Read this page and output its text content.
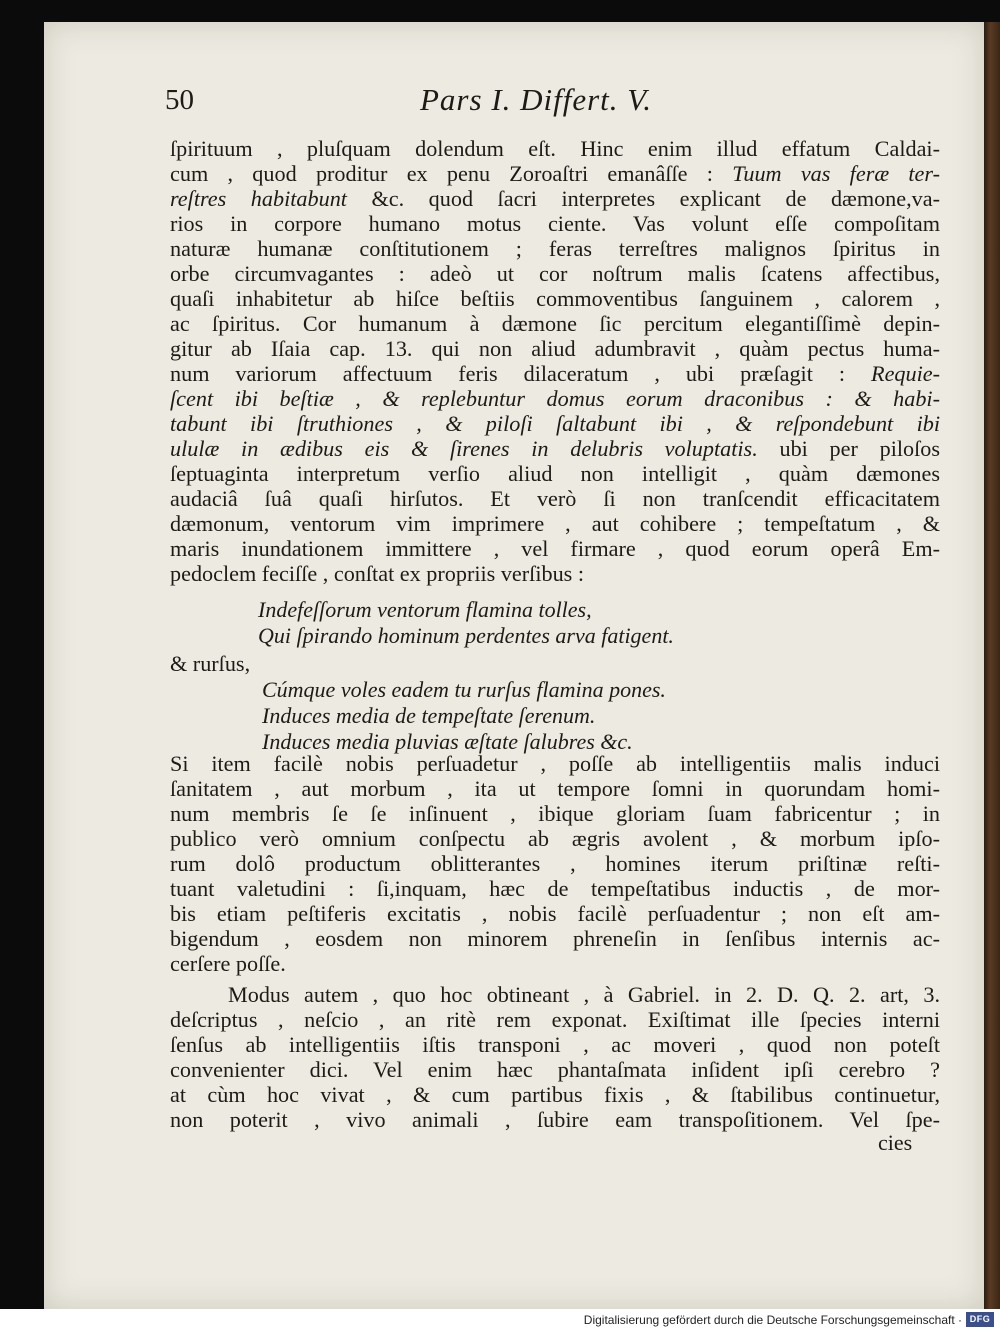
50	Pars I. Differt. V.
ſpirituum , pluſquam dolendum eſt. Hinc enim illud effatum Caldai-
cum , quod proditur ex penu Zoroaſtri emanâſſe : Tuum vas feræ ter-
reſtres habitabunt &c. quod ſacri interpretes explicant de dæmone,va-
rios in corpore humano motus ciente. Vas volunt eſſe compoſitam
naturæ humanæ conſtitutionem ; feras terreſtres malignos ſpiritus in
orbe circumvagantes : adeò ut cor noſtrum malis ſcatens affectibus,
quaſi inhabitetur ab hiſce beſtiis commoventibus ſanguinem , calorem ,
ac ſpiritus. Cor humanum à dæmone ſic percitum elegantiſſimè depin-
gitur ab Iſaia cap. 13. qui non aliud adumbravit , quàm pectus huma-
num variorum affectuum feris dilaceratum , ubi præſagit : Requie-
ſcent ibi beſtiæ , & replebuntur domus eorum draconibus : & habi-
tabunt ibi ſtruthiones , & piloſi ſaltabunt ibi , & reſpondebunt ibi
ululæ in ædibus eis & ſirenes in delubris voluptatis. ubi per piloſos
ſeptuaginta interpretum verſio aliud non intelligit , quàm dæmones
audaciâ ſuâ quaſi hirſutos. Et verò ſi non tranſcendit efficacitatem
dæmonum, ventorum vim imprimere , aut cohibere ; tempeſtatum , &
maris inundationem immittere , vel firmare , quod eorum operâ Em-
pedoclem feciſſe , conſtat ex propriis verſibus :
Indefeſſorum ventorum flamina tolles,
Qui ſpirando hominum perdentes arva fatigent.
& rurſus,
Cúmque voles eadem tu rurſus flamina pones.
Induces media de tempeſtate ſerenum.
Induces media pluvias æſtate ſalubres &c.
Si item facilè nobis perſuadetur , poſſe ab intelligentiis malis induci
ſanitatem , aut morbum , ita ut tempore ſomni in quorundam homi-
num membris ſe ſe inſinuent , ibique gloriam ſuam fabricentur ; in
publico verò omnium conſpectu ab ægris avolent , & morbum ipſo-
rum dolô productum oblitterantes , homines iterum priſtinæ reſti-
tuant valetudini : ſi,inquam, hæc de tempeſtatibus inductis , de mor-
bis etiam peſtiferis excitatis , nobis facilè perſuadentur ; non eſt am-
bigendum , eosdem non minorem phreneſin in ſenſibus internis ac-
cerſere poſſe.
Modus autem , quo hoc obtineant , à Gabriel. in 2. D. Q. 2. art, 3.
deſcriptus , neſcio , an ritè rem exponat. Exiſtimat ille ſpecies interni
ſenſus ab intelligentiis iſtis transponi , ac moveri , quod non poteſt
convenienter dici. Vel enim hæc phantaſmata inſident ipſi cerebro ?
at cùm hoc vivat , & cum partibus fixis , & ſtabilibus continuetur,
non poterit , vivo animali , ſubire eam transpoſitionem. Vel ſpe-
cies
Digitalisierung gefördert durch die Deutsche Forschungsgemeinschaft · DFG
